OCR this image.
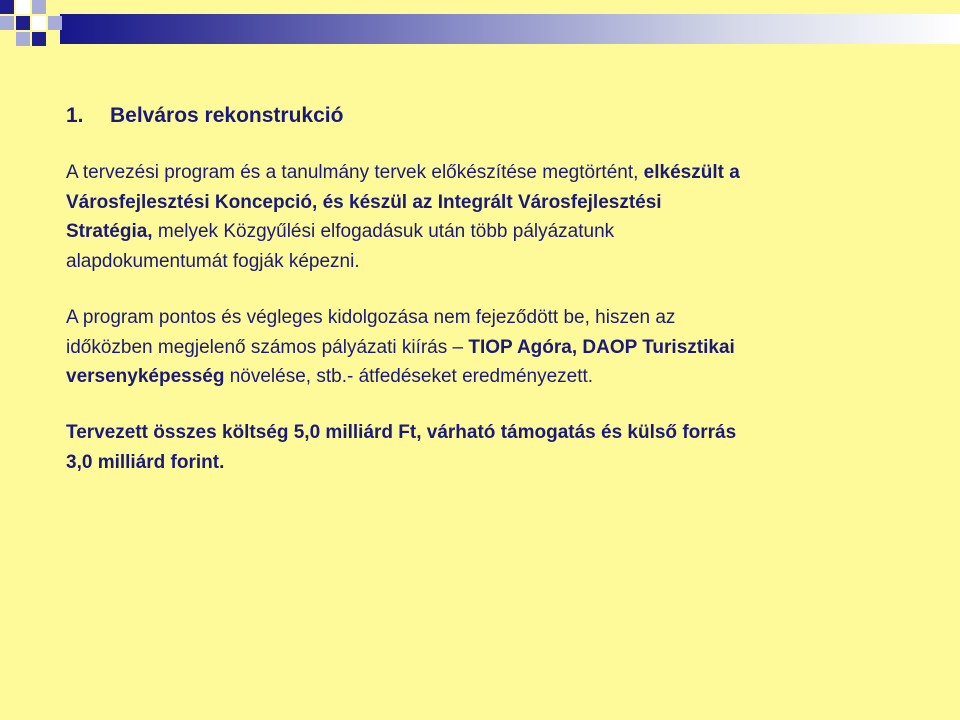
1. Belváros rekonstrukció
A tervezési program és a tanulmány tervek előkészítése megtörtént, elkészült a
Városfejlesztési Koncepció, és készül az Integrált Városfejlesztési
Stratégia, melyek Közgyűlési elfogadásuk után több pályázatunk
alapdokumentumát fogják képezni.
A program pontos és végleges kidolgozása nem fejeződött be, hiszen az
időközben megjelenő számos pályázati kiírás – TIOP Agóra, DAOP Turisztikai
versenyképesség növelése, stb.- átfedéseket eredményezett.
Tervezett összes költség 5,0 milliárd Ft, várható támogatás és külső forrás
3,0 milliárd forint.
